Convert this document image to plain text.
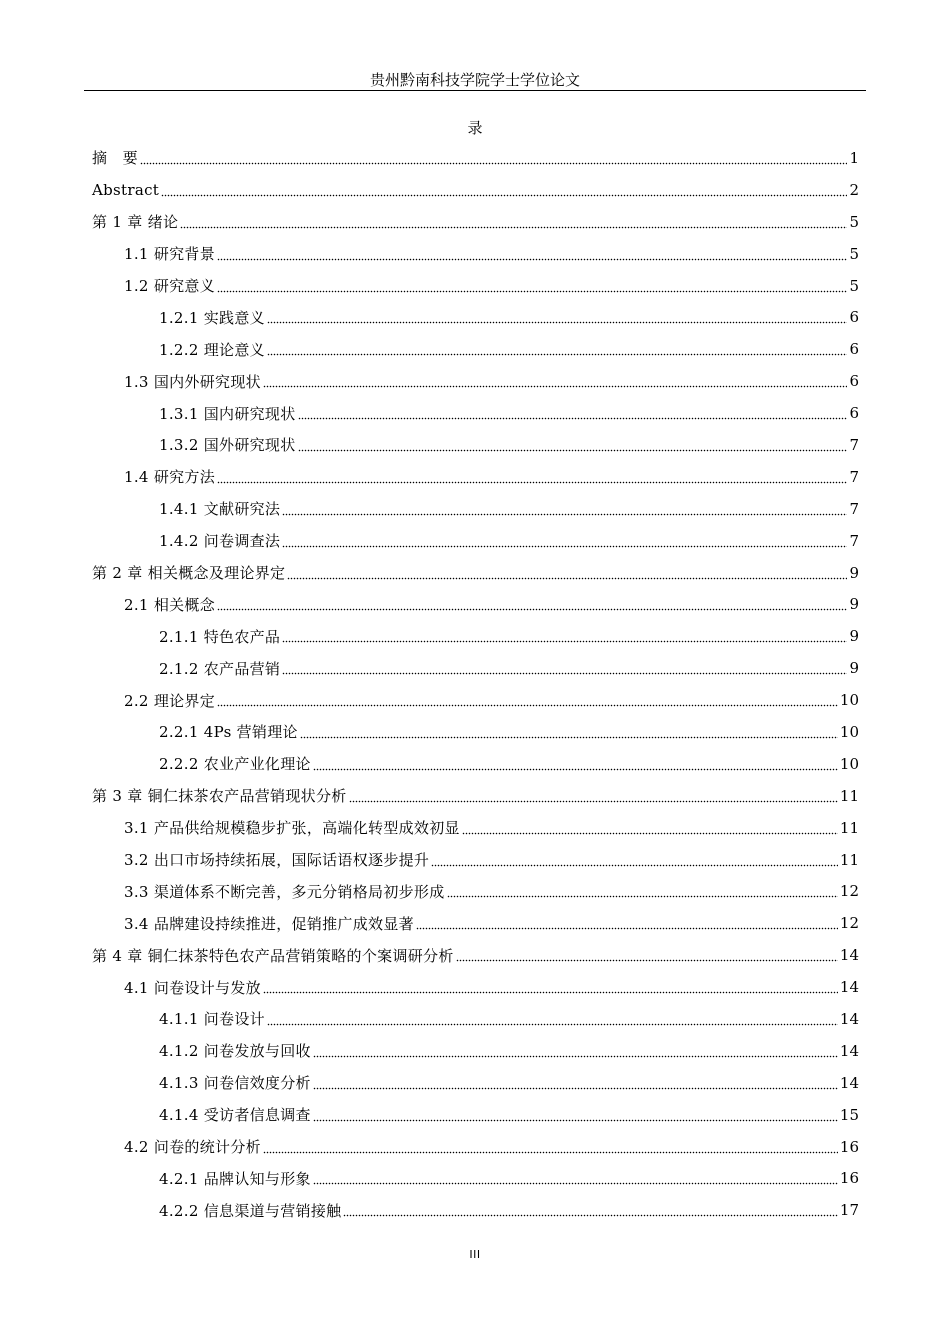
贵州黔南科技学院学士学位论文
录
摘　要	1
Abstract	2
第 1 章 绪论	5
1.1 研究背景	5
1.2 研究意义	5
1.2.1 实践意义	6
1.2.2 理论意义	6
1.3 国内外研究现状	6
1.3.1 国内研究现状	6
1.3.2 国外研究现状	7
1.4 研究方法	7
1.4.1 文献研究法	7
1.4.2 问卷调查法	7
第 2 章 相关概念及理论界定	9
2.1 相关概念	9
2.1.1 特色农产品	9
2.1.2 农产品营销	9
2.2 理论界定	10
2.2.1 4Ps 营销理论	10
2.2.2 农业产业化理论	10
第 3 章 铜仁抹茶农产品营销现状分析	11
3.1 产品供给规模稳步扩张，高端化转型成效初显	11
3.2 出口市场持续拓展，国际话语权逐步提升	11
3.3 渠道体系不断完善，多元分销格局初步形成	12
3.4 品牌建设持续推进，促销推广成效显著	12
第 4 章 铜仁抹茶特色农产品营销策略的个案调研分析	14
4.1 问卷设计与发放	14
4.1.1 问卷设计	14
4.1.2 问卷发放与回收	14
4.1.3 问卷信效度分析	14
4.1.4 受访者信息调查	15
4.2 问卷的统计分析	16
4.2.1 品牌认知与形象	16
4.2.2 信息渠道与营销接触	17
III
